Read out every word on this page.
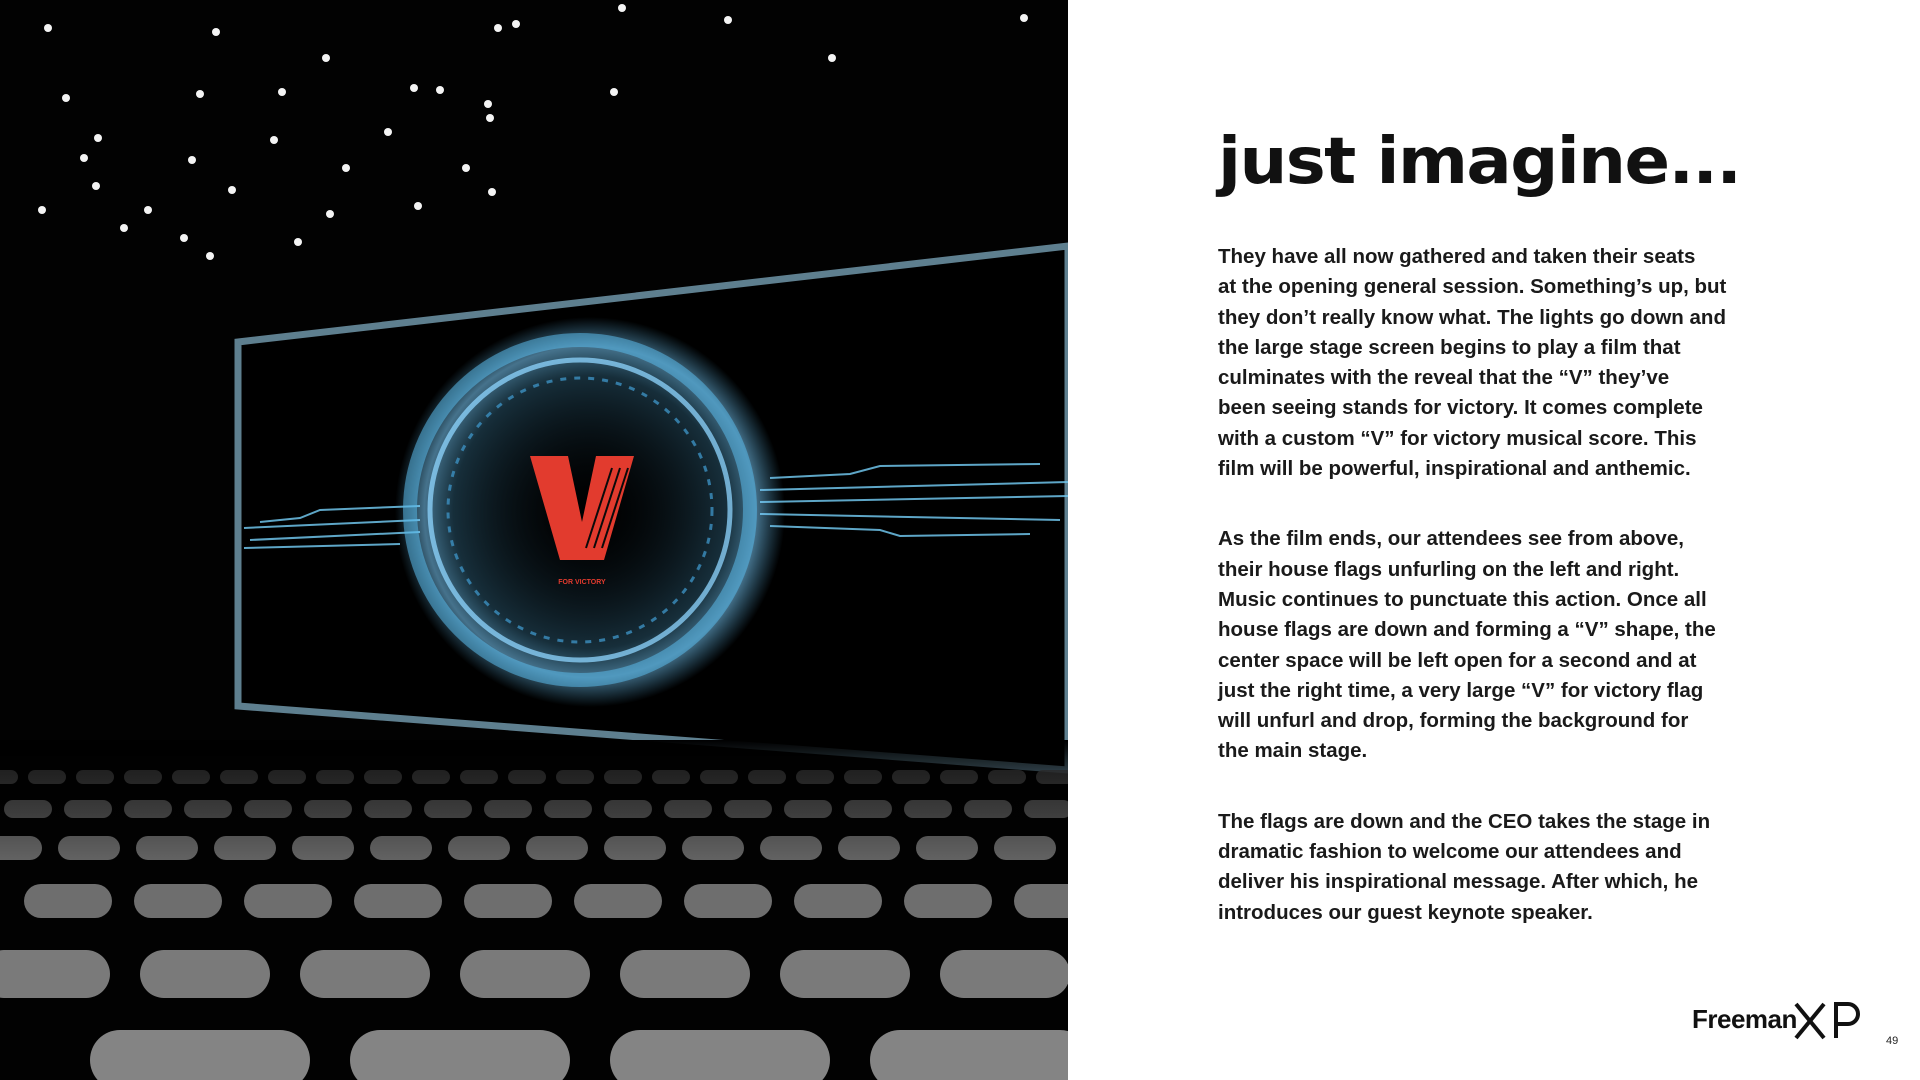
FOR VICTORY
just imagine...

They have all now gathered and taken their seats
at the opening general session. Something’s up, but
they don’t really know what. The lights go down and
the large stage screen begins to play a film that
culminates with the reveal that the “V” they’ve
been seeing stands for victory. It comes complete
with a custom “V” for victory musical score. This
film will be powerful, inspirational and anthemic.

As the film ends, our attendees see from above,
their house flags unfurling on the left and right.
Music continues to punctuate this action. Once all
house flags are down and forming a “V” shape, the
center space will be left open for a second and at
just the right time, a very large “V” for victory flag
will unfurl and drop, forming the background for
the main stage.

The flags are down and the CEO takes the stage in
dramatic fashion to welcome our attendees and
deliver his inspirational message. After which, he
introduces our guest keynote speaker.

Freeman
49
